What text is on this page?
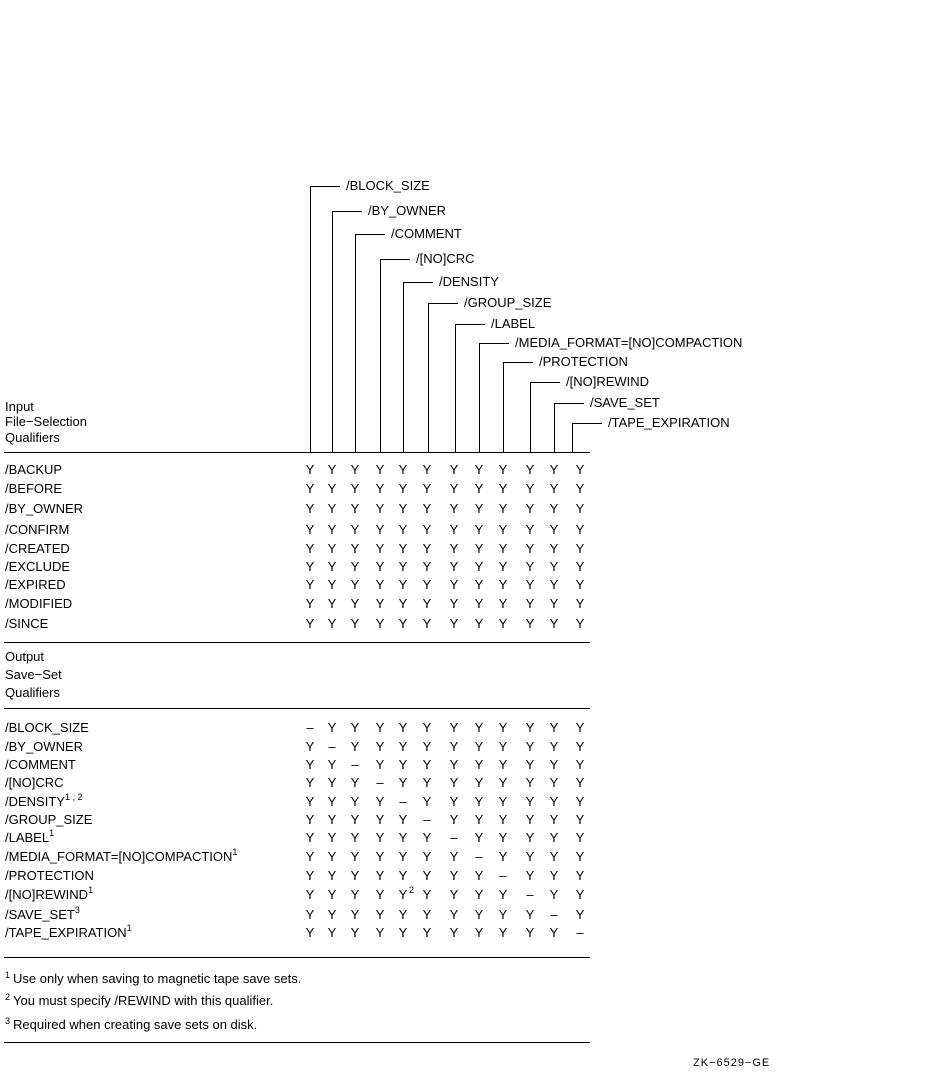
/BLOCK_SIZE
/BY_OWNER
/COMMENT
/[NO]CRC
/DENSITY
/GROUP_SIZE
/LABEL
/MEDIA_FORMAT=[NO]COMPACTION
/PROTECTION
/[NO]REWIND
/SAVE_SET
/TAPE_EXPIRATION
Input
File−Selection
Qualifiers
Output
Save−Set
Qualifiers
/BACKUP	Y Y Y Y Y Y Y Y Y Y Y Y
/BEFORE	Y Y Y Y Y Y Y Y Y Y Y Y
/BY_OWNER	Y Y Y Y Y Y Y Y Y Y Y Y
/CONFIRM	Y Y Y Y Y Y Y Y Y Y Y Y
/CREATED	Y Y Y Y Y Y Y Y Y Y Y Y
/EXCLUDE	Y Y Y Y Y Y Y Y Y Y Y Y
/EXPIRED	Y Y Y Y Y Y Y Y Y Y Y Y
/MODIFIED	Y Y Y Y Y Y Y Y Y Y Y Y
/SINCE	Y Y Y Y Y Y Y Y Y Y Y Y
/BLOCK_SIZE	– Y Y Y Y Y Y Y Y Y Y Y
/BY_OWNER	Y – Y Y Y Y Y Y Y Y Y Y
/COMMENT	Y Y – Y Y Y Y Y Y Y Y Y
/[NO]CRC	Y Y Y – Y Y Y Y Y Y Y Y
/DENSITY$^{1 , 2}$	Y Y Y Y – Y Y Y Y Y Y Y
/GROUP_SIZE	Y Y Y Y Y – Y Y Y Y Y Y
/LABEL$^1$	Y Y Y Y Y Y – Y Y Y Y Y
$/MEDIA\_FORMAT=[NO]COMPACTION^1$	Y Y Y Y Y Y Y – Y Y Y Y
/PROTECTION	Y Y Y Y Y Y Y Y – Y Y Y
/[NO]REWIND$^1$	Y Y Y Y Y 2 Y Y Y Y – Y Y
/SAVE_SET$^3$	Y Y Y Y Y Y Y Y Y Y – Y
/TAPE_EXPIRATION$^1$	Y Y Y Y Y Y Y Y Y Y Y –
$^1$ Use only when saving to magnetic tape save sets.
$^2$ You must specify /REWIND with this qualifier.
$^3$ Required when creating save sets on disk.
ZK−6529−GE
